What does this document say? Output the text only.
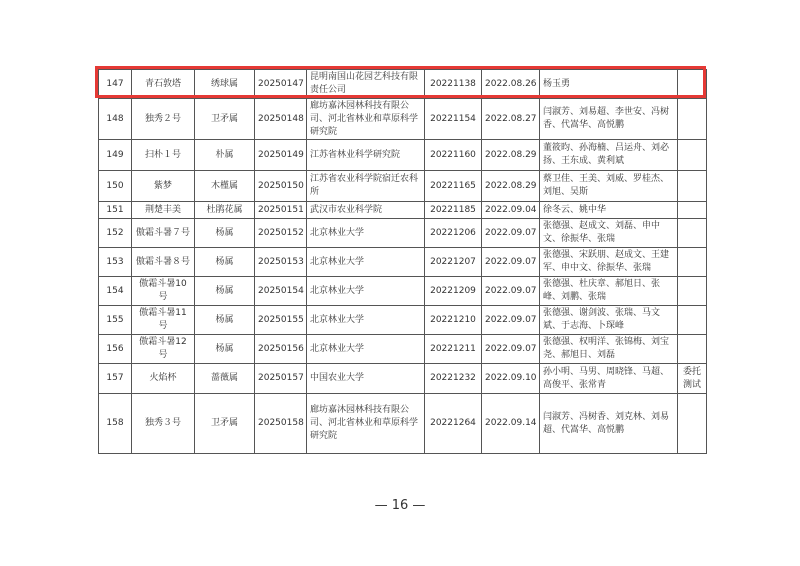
147	青石敦塔	绣球属	20250147	昆明南国山花园艺科技有限责任公司	20221138	2022.08.26	杨玉勇	
148	独秀２号	卫矛属	20250148	廊坊嘉沐园林科技有限公司、河北省林业和草原科学研究院	20221154	2022.08.27	闫淑芳、刘易超、李世安、冯树香、代嵩华、高悦鹏	
149	扫朴１号	朴属	20250149	江苏省林业科学研究院	20221160	2022.08.29	董筱昀、孙海楠、吕运舟、刘必扬、王东成、黄利斌	
150	紫梦	木槿属	20250150	江苏省农业科学院宿迁农科所	20221165	2022.08.29	蔡卫佳、王美、刘威、罗桂杰、刘旭、吴斯	
151	荆楚丰美	杜鹃花属	20250151	武汉市农业科学院	20221185	2022.09.04	徐冬云、姚中华	
152	傲霜斗暑７号	杨属	20250152	北京林业大学	20221206	2022.09.07	张德强、赵成文、刘磊、申中文、徐振华、张瑞	
153	傲霜斗暑８号	杨属	20250153	北京林业大学	20221207	2022.09.07	张德强、宋跃朋、赵成文、王建军、申中文、徐振华、张瑞	
154	傲霜斗暑10号	杨属	20250154	北京林业大学	20221209	2022.09.07	张德强、杜庆章、郝旭日、张峰、刘鹏、张瑞	
155	傲霜斗暑11号	杨属	20250155	北京林业大学	20221210	2022.09.07	张德强、谢剑波、张瑞、马文斌、于志海、卜琛峰	
156	傲霜斗暑12号	杨属	20250156	北京林业大学	20221211	2022.09.07	张德强、权明洋、张锦梅、刘宝尧、郝旭日、刘磊	
157	火焰杯	蔷薇属	20250157	中国农业大学	20221232	2022.09.10	孙小明、马男、周晓锋、马超、高俊平、张常青	委托测试
158	独秀３号	卫矛属	20250158	廊坊嘉沐园林科技有限公司、河北省林业和草原科学研究院	20221264	2022.09.14	闫淑芳、冯树香、刘克林、刘易超、代嵩华、高悦鹏	
— 16 —
